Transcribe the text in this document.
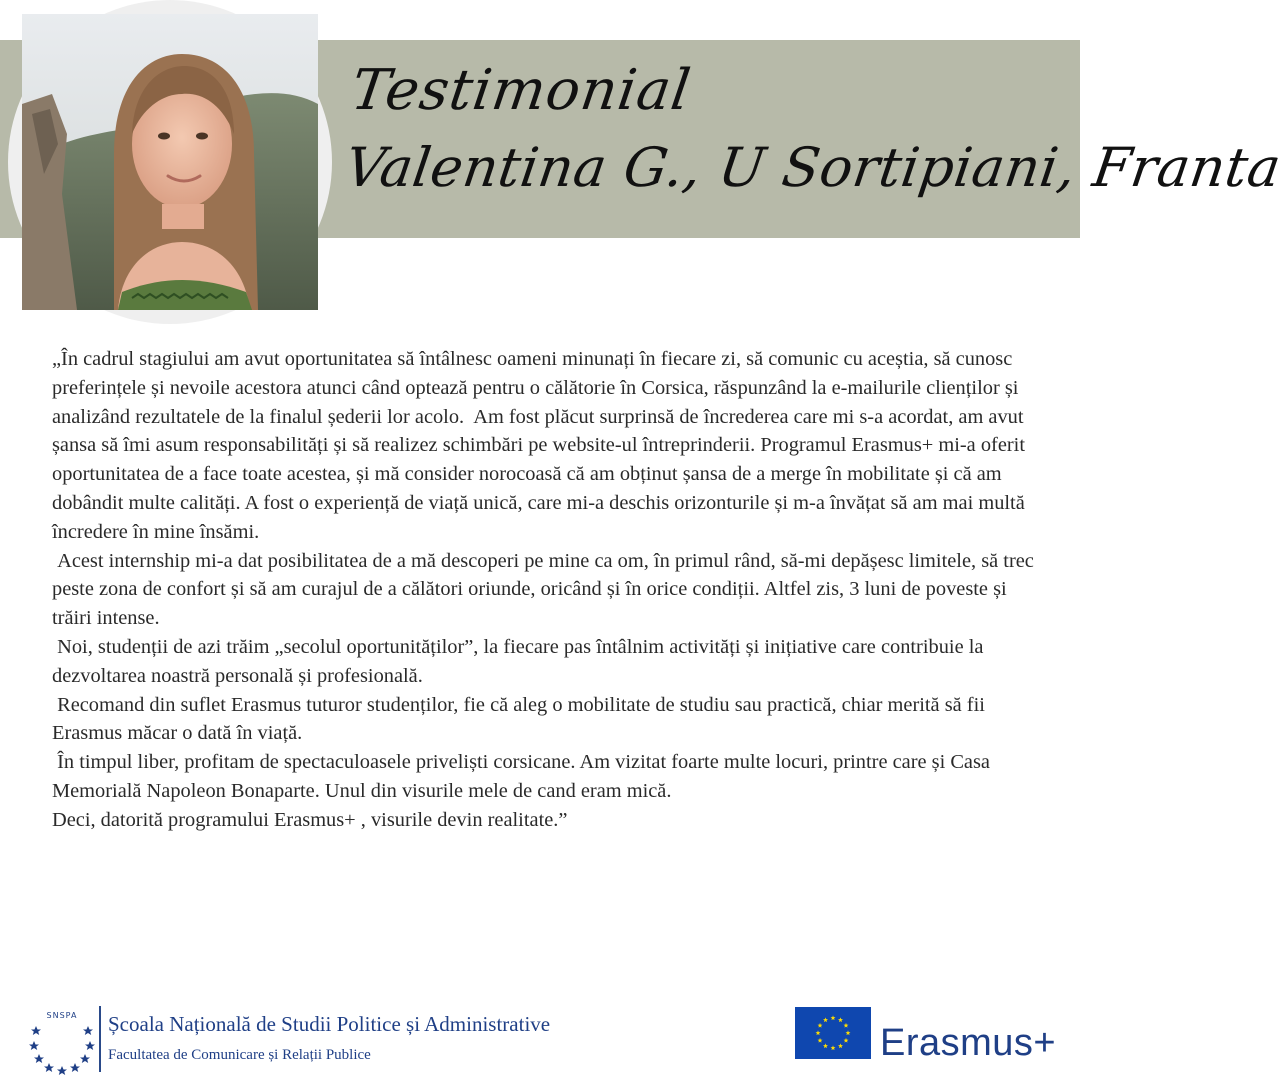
Testimonial
Valentina G., U Sortipiani, Franta

„În cadrul stagiului am avut oportunitatea să întâlnesc oameni minunați în fiecare zi, să comunic cu aceștia, să cunosc preferințele și nevoile acestora atunci când optează pentru o călătorie în Corsica, răspunzând la e-mailurile clienților și analizând rezultatele de la finalul șederii lor acolo.  Am fost plăcut surprinsă de încrederea care mi s-a acordat, am avut șansa să îmi asum responsabilități și să realizez schimbări pe website-ul întreprinderii. Programul Erasmus+ mi-a oferit oportunitatea de a face toate acestea, și mă consider norocoasă că am obținut șansa de a merge în mobilitate și că am dobândit multe calități. A fost o experiență de viață unică, care mi-a deschis orizonturile și m-a învățat să am mai multă încredere în mine însămi.

Acest internship mi-a dat posibilitatea de a mă descoperi pe mine ca om, în primul rând, să-mi depășesc limitele, să trec peste zona de confort și să am curajul de a călători oriunde, oricând și în orice condiții. Altfel zis, 3 luni de poveste și trăiri intense.

Noi, studenții de azi trăim „secolul oportunităților”, la fiecare pas întâlnim activități și inițiative care contribuie la dezvoltarea noastră personală și profesională.

Recomand din suflet Erasmus tuturor studenților, fie că aleg o mobilitate de studiu sau practică, chiar merită să fii Erasmus măcar o dată în viață.

În timpul liber, profitam de spectaculoasele priveliști corsicane. Am vizitat foarte multe locuri, printre care și Casa Memorială Napoleon Bonaparte. Unul din visurile mele de cand eram mică.

Deci, datorită programului Erasmus+ , visurile devin realitate.”

SNSPA Școala Națională de Studii Politice și Administrative
Facultatea de Comunicare și Relații Publice	Erasmus+
